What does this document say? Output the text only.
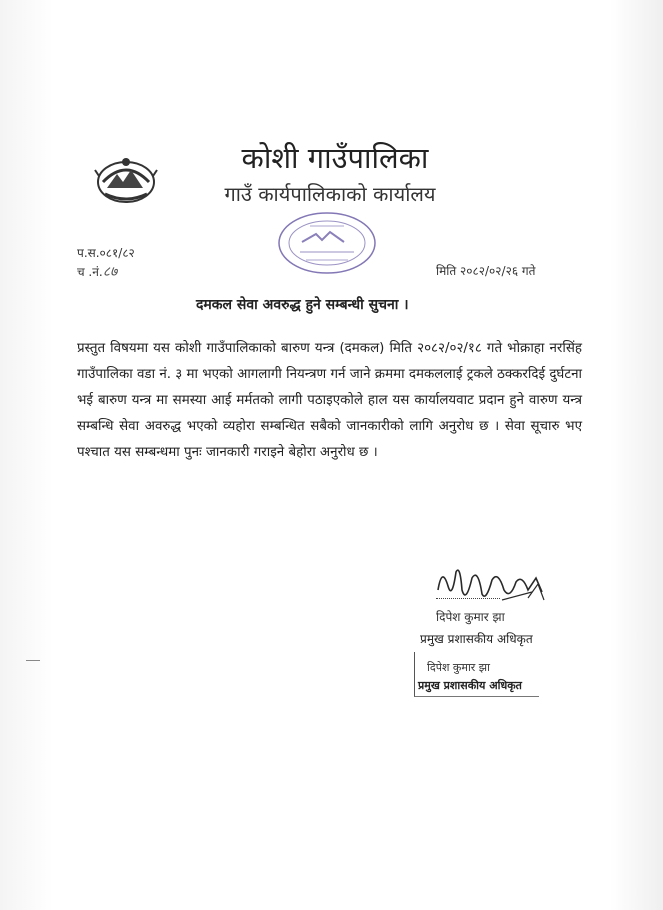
कोशी गाउँपालिका
गाउँ कार्यपालिकाको कार्यालय
प.स.०८१/८२
च .नं.८७	मिति २०८२/०२/२६ गते
दमकल सेवा अवरुद्ध हुने सम्बन्धी सुचना ।
प्रस्तुत विषयमा यस कोशी गाउँपालिकाको बारुण यन्त्र (दमकल) मिति २०८२/०२/१८ गते भोक्राहा नरसिंह गाउँपालिका वडा नं. ३ मा भएको आगलागी नियन्त्रण गर्न जाने क्रममा दमकललाई ट्रकले ठक्करदिई दुर्घटना भई बारुण यन्त्र मा समस्या आई मर्मतको लागी पठाइएकोले हाल यस कार्यालयवाट प्रदान हुने वारुण यन्त्र सम्बन्धि सेवा अवरुद्ध भएको व्यहोरा सम्बन्धित सबैको जानकारीको लागि अनुरोध छ । सेवा सूचारु भए पश्चात यस सम्बन्धमा पुनः जानकारी गराइने बेहोरा अनुरोध छ ।
दिपेश कुमार झा
प्रमुख प्रशासकीय अधिकृत
दिपेश कुमार झा
प्रमुख प्रशासकीय अधिकृत
